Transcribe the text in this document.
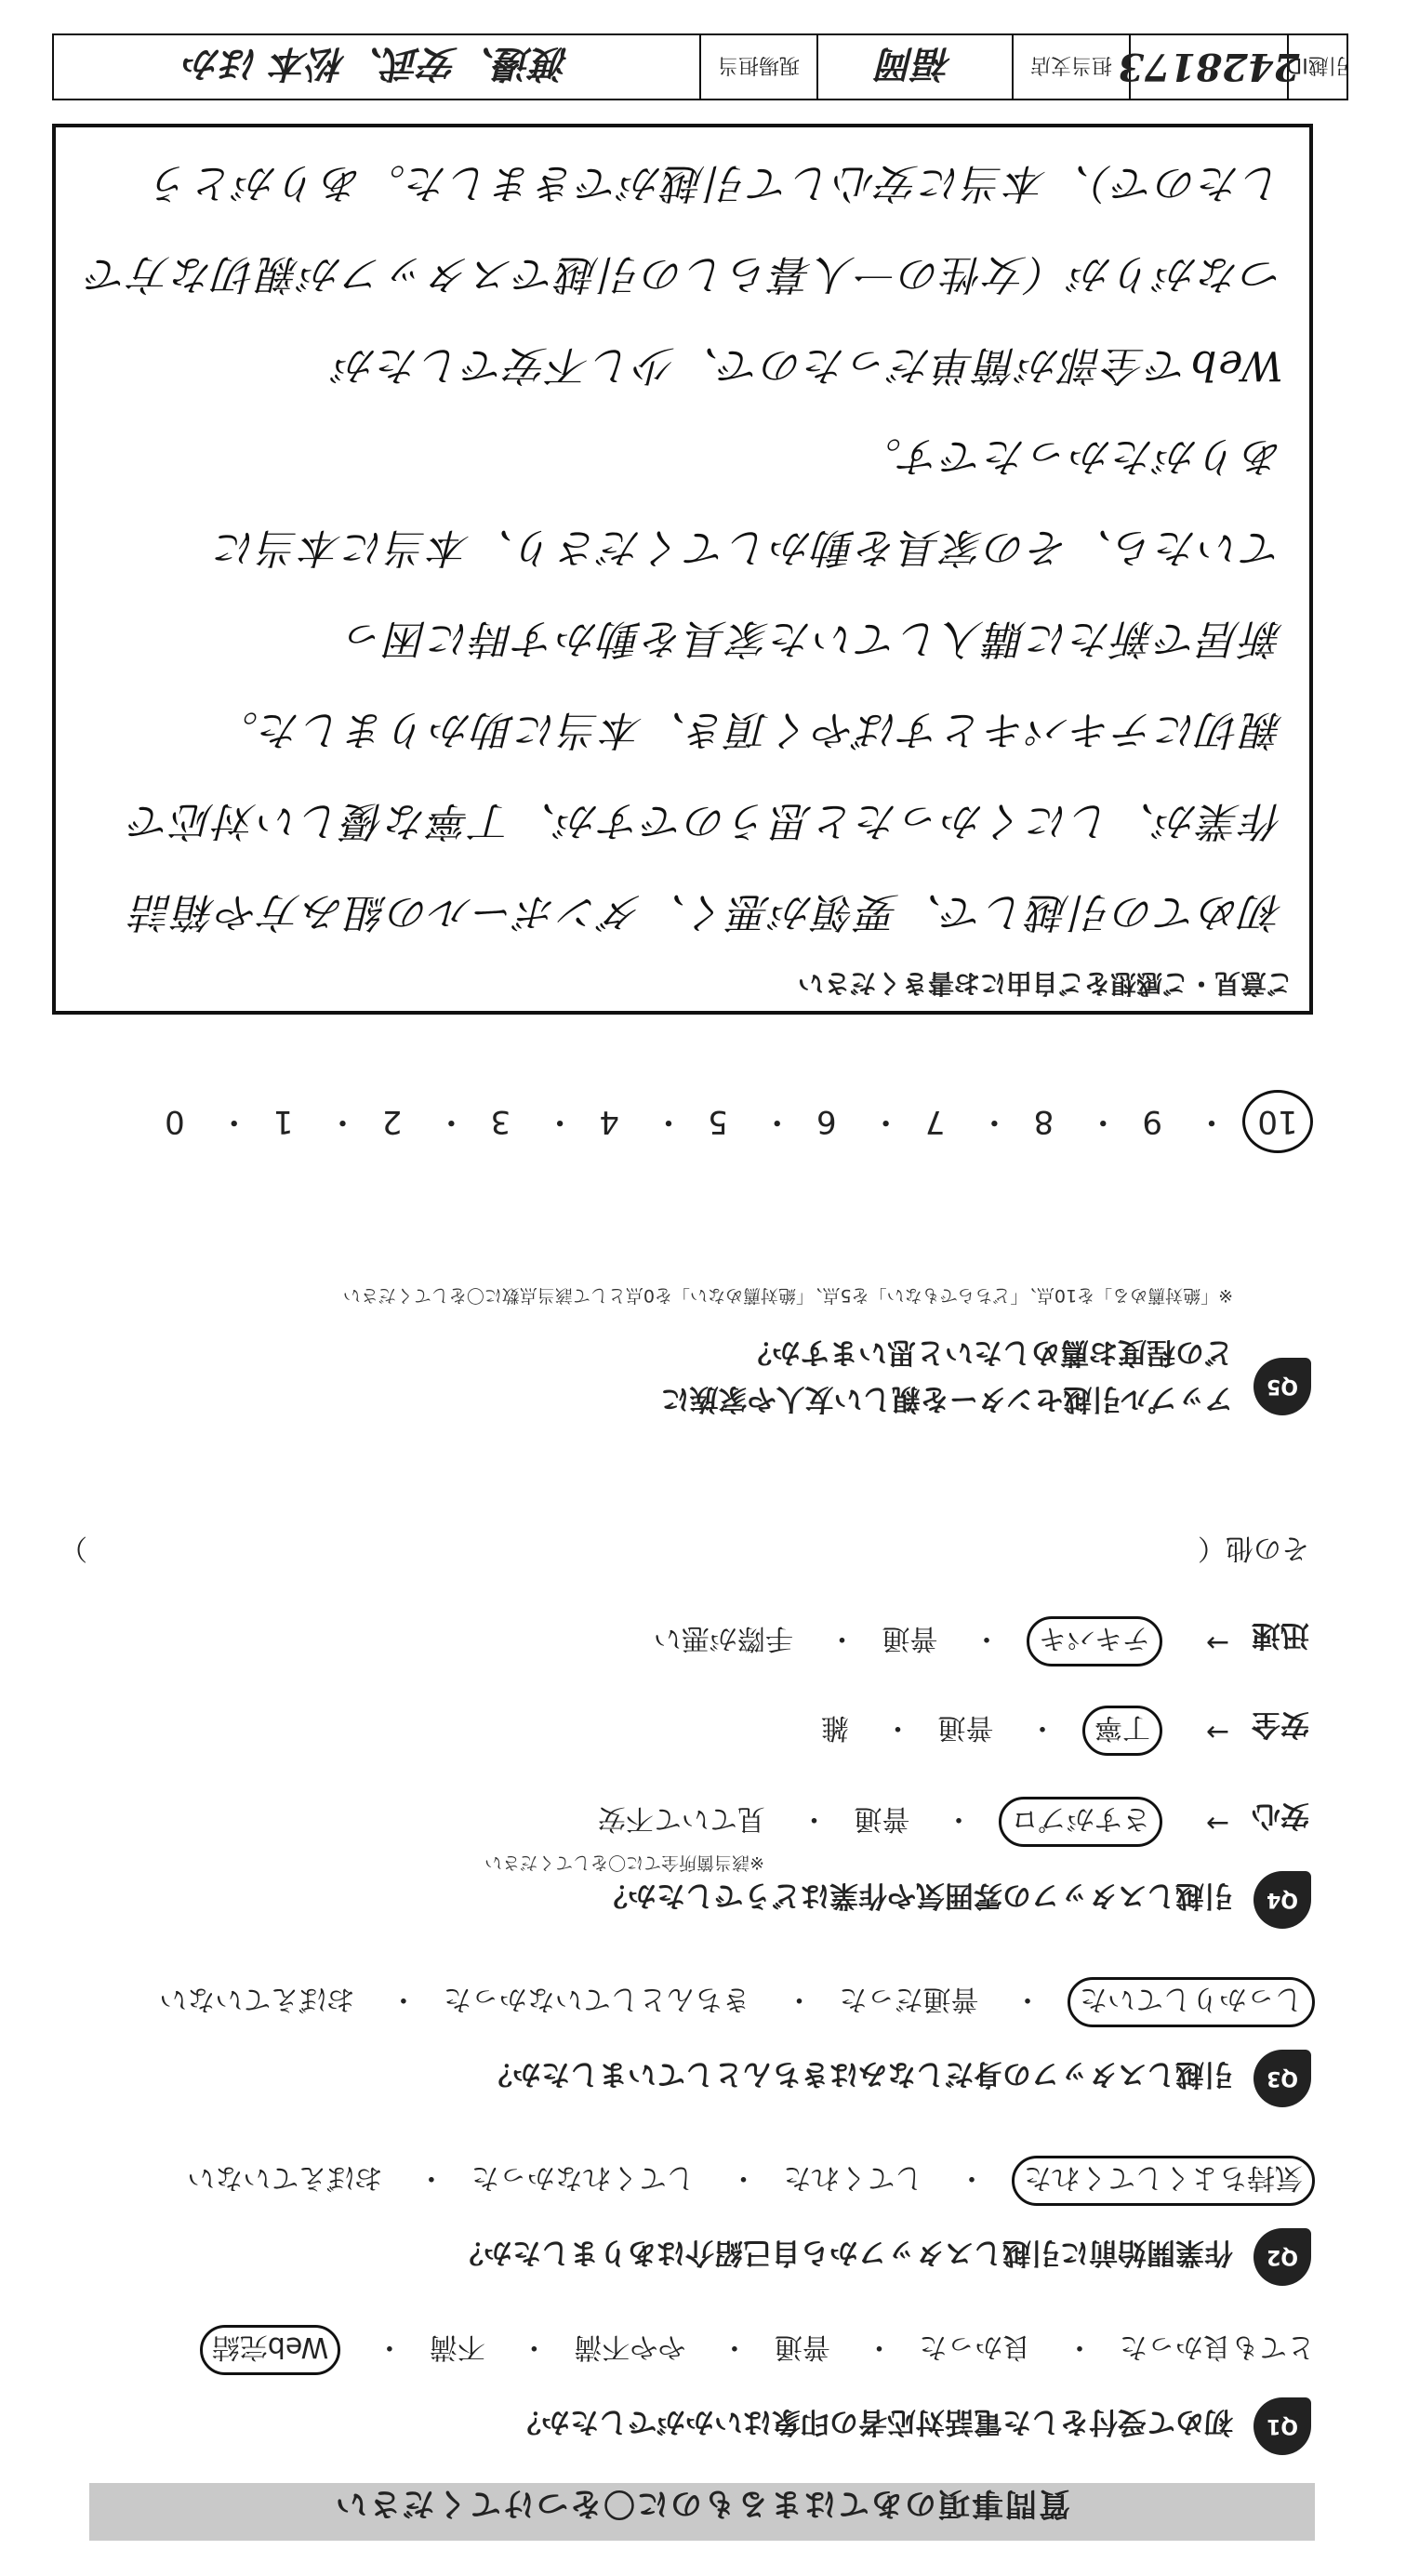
質問事項のあてはまるものに〇をつけてください
Q1
初めて受付をした電話対応者の印象はいかがでしたか？
とても良かった・ 良かった・ 普通・ やや不満・ 不満・ Web完結
Q2
作業開始前に引越しスタッフから自己紹介はありましたか？
気持ちよくしてくれた・ してくれた・ してくれなかった・ おぼえていない
Q3
引越しスタッフの身だしなみはきちんとしていましたか？
しっかりしていた・ 普通だった・ きちんとしていなかった・ おぼえていない
Q4
引越しスタッフの雰囲気や作業はどうでしたか？
※該当箇所全てに〇をしてください
安心
→
さすがプロ・ 普通・ 見ていて不安
安全
→
丁寧・ 普通・ 雑
迅速
→
テキパキ・ 普通・ 手際が悪い
その他（
）
Q5
アップル引越センターを親しい友人や家族に
どの程度お薦めしたいと思いますか？
※「絶対薦める」を10点、「どちらでもない」を5点、「絶対薦めない」を0点として該当点数に〇をしてください
10・ 9・ 8・ 7・ 6・ 5・ 4・ 3・ 2・ 1・ 0
ご意見・ご感想をご自由にお書きください
初めての引越しで、要領が悪く、ダンボールの組み方や箱詰
作業が、しにくかったと思うのですが、丁寧な優しい対応で
親切にテキパキとすばやく頂き、本当に助かりました。
新居で新たに購入していた家具を動かす時に困っ
ていたら、その家具を動かしてくださり、本当に本当に
ありがたかったです。
Webで全部が簡単だったので、少し不安でしたが
つながりが（女性の一人暮らしの引越でスタッフが親切な方で
したので）、本当に安心して引越ができました。ありがとう
引越ID
2428173
担当支店
福岡
現場担当
渡邊、安武、松本 ほか
